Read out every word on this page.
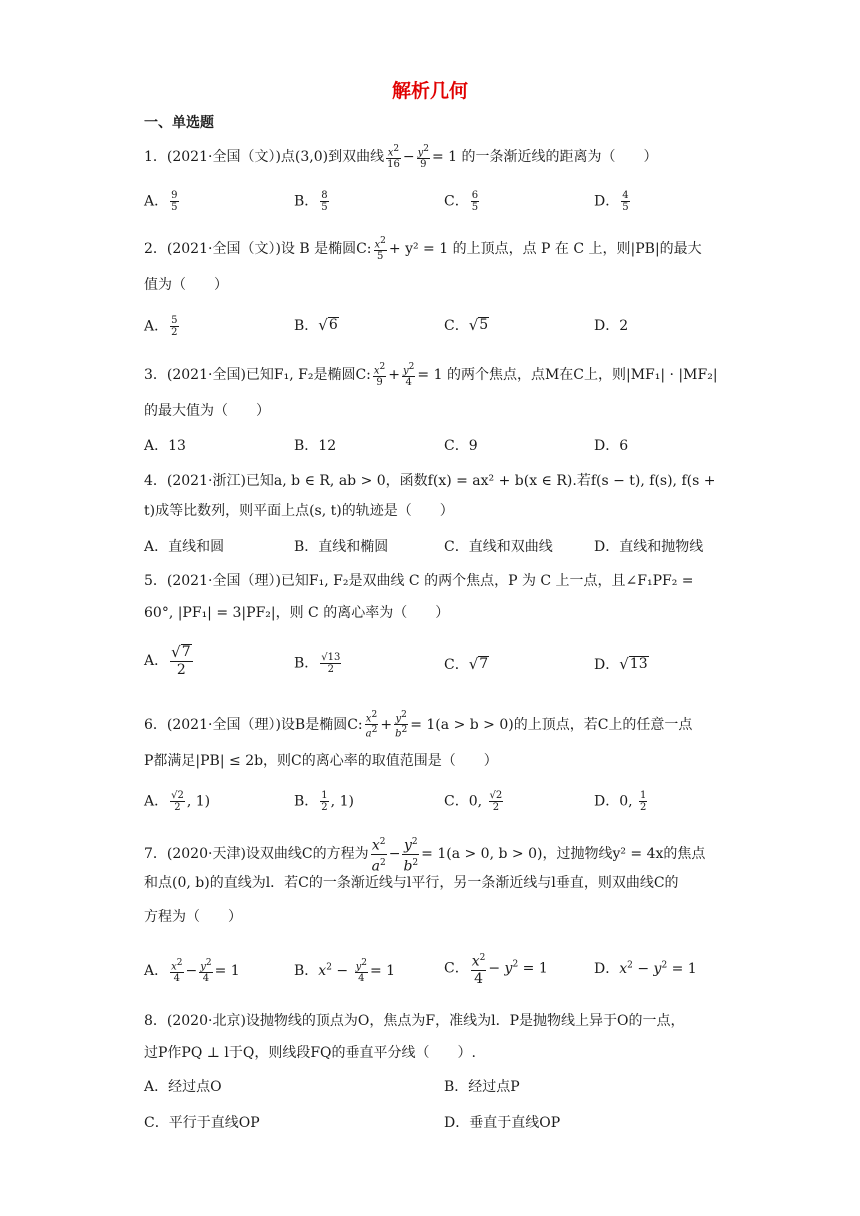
解析几何
一、单选题
1．(2021·全国（文）)点(3,0)到双曲线 $\frac{x^2}{16} - \frac{y^2}{9} = 1$ 的一条渐近线的距离为（　　）
A． $\frac{9}{5}$	B． $\frac{8}{5}$	C． $\frac{6}{5}$	D． $\frac{4}{5}$
2．(2021·全国（文）)设 B 是椭圆C: $\frac{x^2}{5} + y^2 = 1$ 的上顶点，点 P 在 C 上，则|PB|的最大
值为（　　）
A． $\frac{5}{2}$	B． √ 6	C． √ 5	D．2
3．(2021·全国)已知F₁, F₂是椭圆C: $\frac{x^2}{9} + \frac{y^2}{4} = 1$ 的两个焦点，点M在C上，则|MF₁| · |MF₂|
的最大值为（　　）
A．13	B．12	C．9	D．6
4．(2021·浙江)已知a, b ∈ R, ab > 0，函数f(x) = ax² + b(x ∈ R).若f(s − t), f(s), f(s +
t)成等比数列，则平面上点(s, t)的轨迹是（　　）
A．直线和圆	B．直线和椭圆	C．直线和双曲线	D．直线和抛物线
5．(2021·全国（理）)已知F₁, F₂是双曲线 C 的两个焦点，P 为 C 上一点，且∠F₁PF₂ =
60°, |PF₁| = 3|PF₂|，则 C 的离心率为（　　）
A． $\frac{√ 7}{2}$	B． $\frac{√13}{2}$	C． √ 7	D． √ 13
6．(2021·全国（理）)设B是椭圆C: $\frac{x^2}{a^2} + \frac{y^2}{b^2} = 1(a > b > 0)$的上顶点，若C上的任意一点
P都满足|PB| ≤ 2b，则C的离心率的取值范围是（　　）
A． $\frac{√2}{2}$ , 1)	B． $\frac{1}{2}$ , 1)	C．0, $\frac{√2}{2}$	D．0, $\frac{1}{2}$
7．(2020·天津)设双曲线C的方程为 $\frac{x^2}{a^2} - \frac{y^2}{b^2} = 1(a > 0$, b > 0)，过抛物线y² = 4x的焦点
和点(0, b)的直线为l．若C的一条渐近线与l平行，另一条渐近线与l垂直，则双曲线C的
方程为（　　）
A． $\frac{x^2}{4} - \frac{y^2}{4} = 1$	B．$x^2 - \frac{y^2}{4} = 1$	C． $\frac{x^2}{4} - y^2 = 1$	D．$x^2 - y^2 = 1$
8．(2020·北京)设抛物线的顶点为O，焦点为F，准线为l．P是抛物线上异于O的一点，
过P作PQ ⊥ l于Q，则线段FQ的垂直平分线（　　）.
A．经过点O	B．经过点P
C．平行于直线OP	D．垂直于直线OP
